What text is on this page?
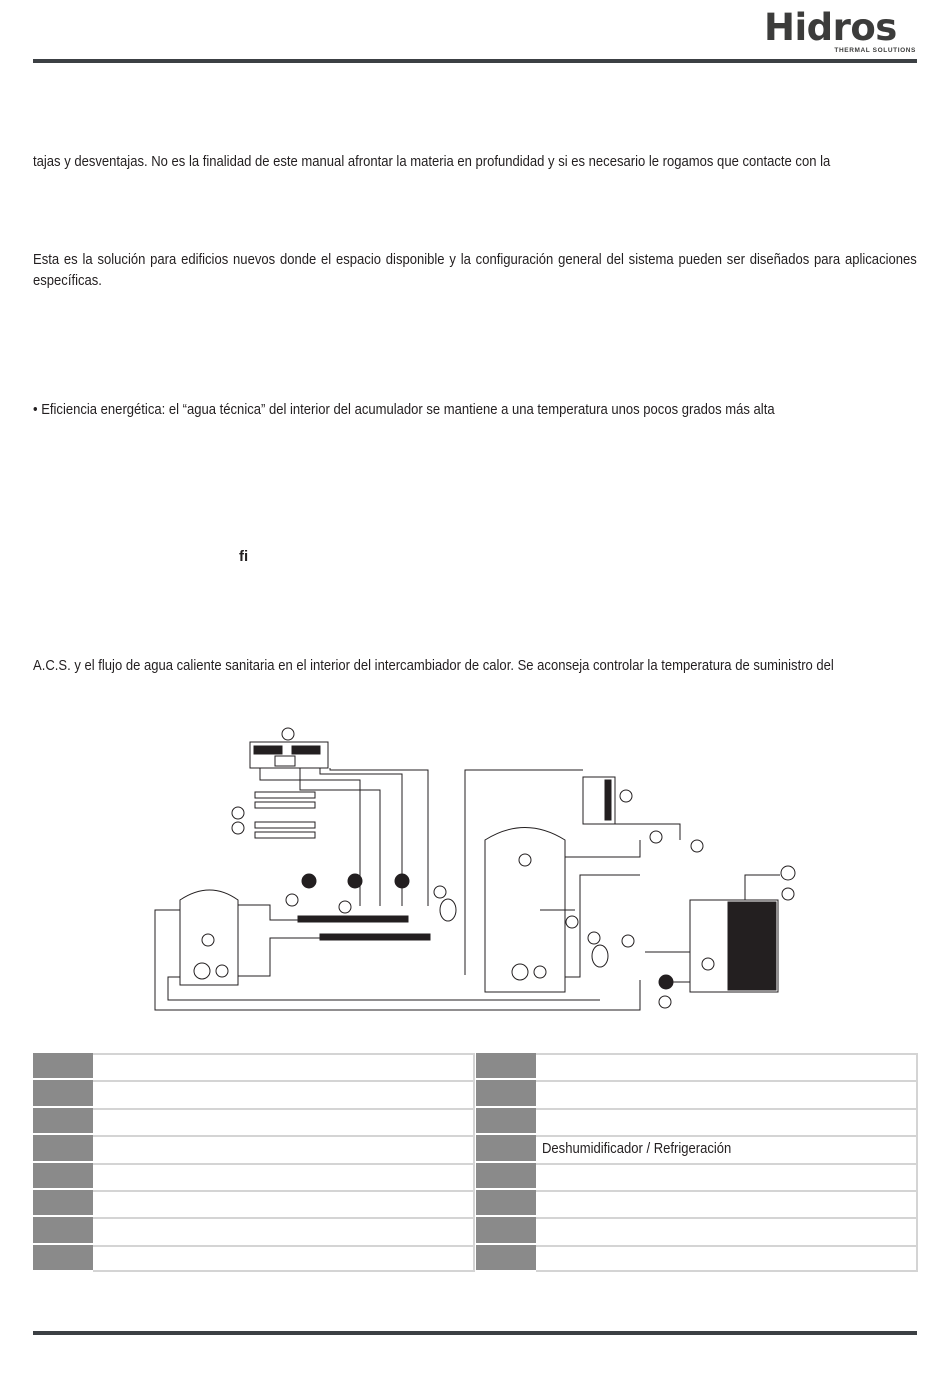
Hidros
THERMAL SOLUTIONS

tajas y desventajas. No es la finalidad de este manual afrontar la materia en profundidad y si es necesario le rogamos que contacte con la

Esta es la solución para edificios nuevos donde el espacio disponible y la configuración general del sistema pueden ser diseñados para aplicaciones específicas.

• Eficiencia energética: el “agua técnica” del interior del acumulador se mantiene a una temperatura unos pocos grados más alta

ﬁ

A.C.S. y el flujo de agua caliente sanitaria en el interior del intercambiador de calor. Se aconseja controlar la temperatura de suministro del

Deshumidificador / Refrigeración
